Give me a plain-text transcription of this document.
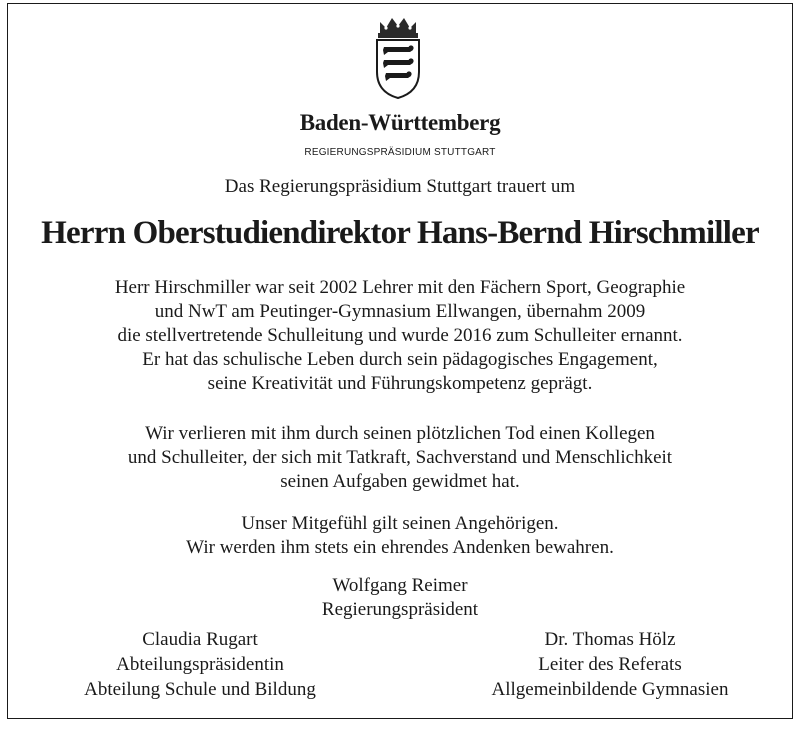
Baden-Württemberg
REGIERUNGSPRÄSIDIUM STUTTGART
Das Regierungspräsidium Stuttgart trauert um
Herrn Oberstudiendirektor Hans-Bernd Hirschmiller
Herr Hirschmiller war seit 2002 Lehrer mit den Fächern Sport, Geographie
und NwT am Peutinger-Gymnasium Ellwangen, übernahm 2009
die stellvertretende Schulleitung und wurde 2016 zum Schulleiter ernannt.
Er hat das schulische Leben durch sein pädagogisches Engagement,
seine Kreativität und Führungskompetenz geprägt.
Wir verlieren mit ihm durch seinen plötzlichen Tod einen Kollegen
und Schulleiter, der sich mit Tatkraft, Sachverstand und Menschlichkeit
seinen Aufgaben gewidmet hat.
Unser Mitgefühl gilt seinen Angehörigen.
Wir werden ihm stets ein ehrendes Andenken bewahren.
Wolfgang Reimer
Regierungspräsident
Claudia Rugart
Abteilungspräsidentin
Abteilung Schule und Bildung
Dr. Thomas Hölz
Leiter des Referats
Allgemeinbildende Gymnasien
